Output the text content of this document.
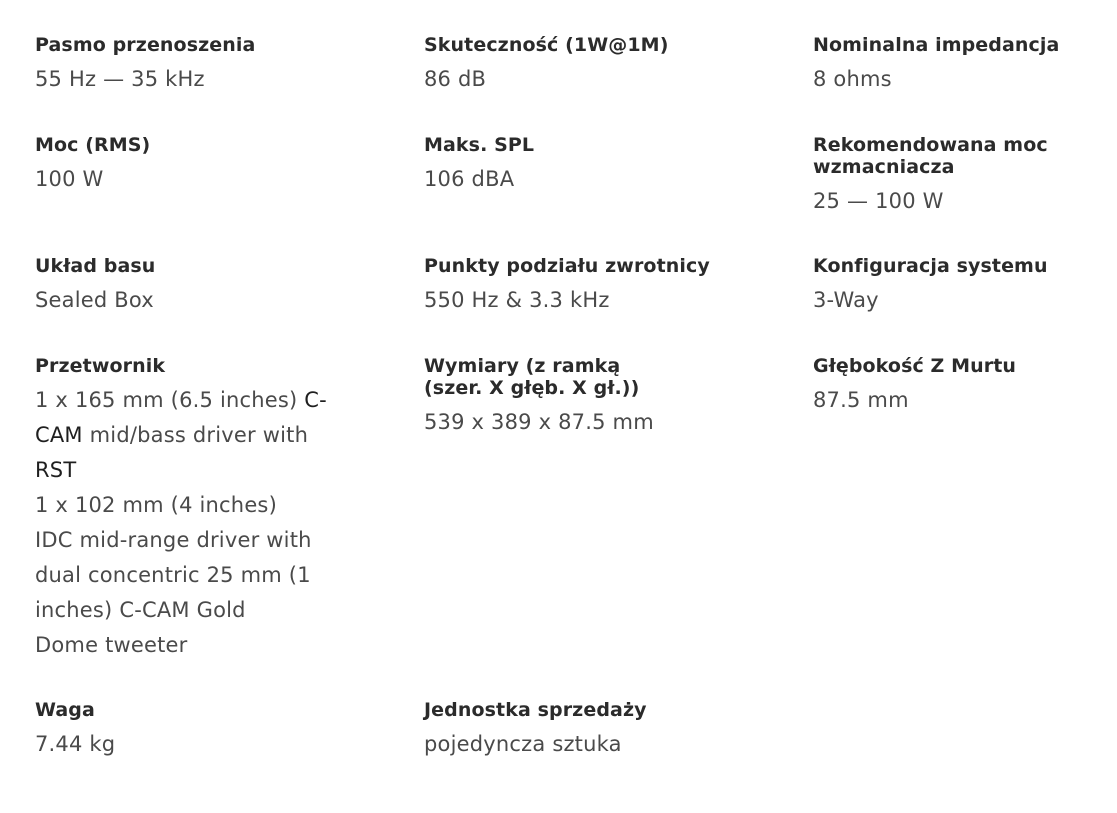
Pasmo przenoszenia

55 Hz — 35 kHz

Skuteczność (1W@1M)

86 dB

Nominalna impedancja

8 ohms

Moc (RMS)

100 W

Maks. SPL

106 dBA

Rekomendowana moc wzmacniacza

25 — 100 W

Układ basu

Sealed Box

Punkty podziału zwrotnicy

550 Hz & 3.3 kHz

Konfiguracja systemu

3-Way

Przetwornik

1 x 165 mm (6.5 inches) C-
CAM mid/bass driver with
RST
1 x 102 mm (4 inches)
IDC mid-range driver with
dual concentric 25 mm (1
inches) C-CAM Gold
Dome tweeter

Wymiary (z ramką (szer. X głęb. X gł.))

539 x 389 x 87.5 mm

Głębokość Z Murtu

87.5 mm

Waga

7.44 kg

Jednostka sprzedaży

pojedyncza sztuka
